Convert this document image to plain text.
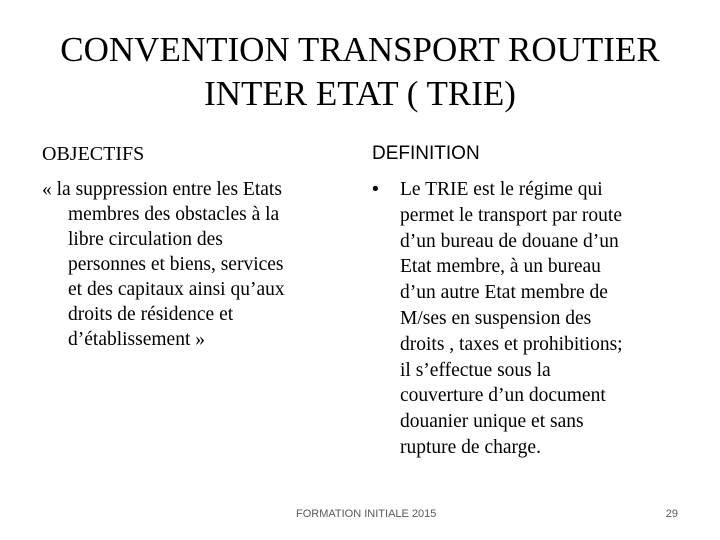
CONVENTION TRANSPORT ROUTIER
INTER ETAT ( TRIE)
OBJECTIFS

« la suppression entre les Etats
membres des obstacles à la
libre circulation des
personnes et biens, services
et des capitaux ainsi qu’aux
droits de résidence et
d’établissement »

DEFINITION
• Le TRIE est le régime qui
permet le transport par route
d’un bureau de douane d’un
Etat membre, à un bureau
d’un autre Etat membre de
M/ses en suspension des
droits , taxes et prohibitions;
il s’effectue sous la
couverture d’un document
douanier unique et sans
rupture de charge.
FORMATION INITIALE 2015	29
